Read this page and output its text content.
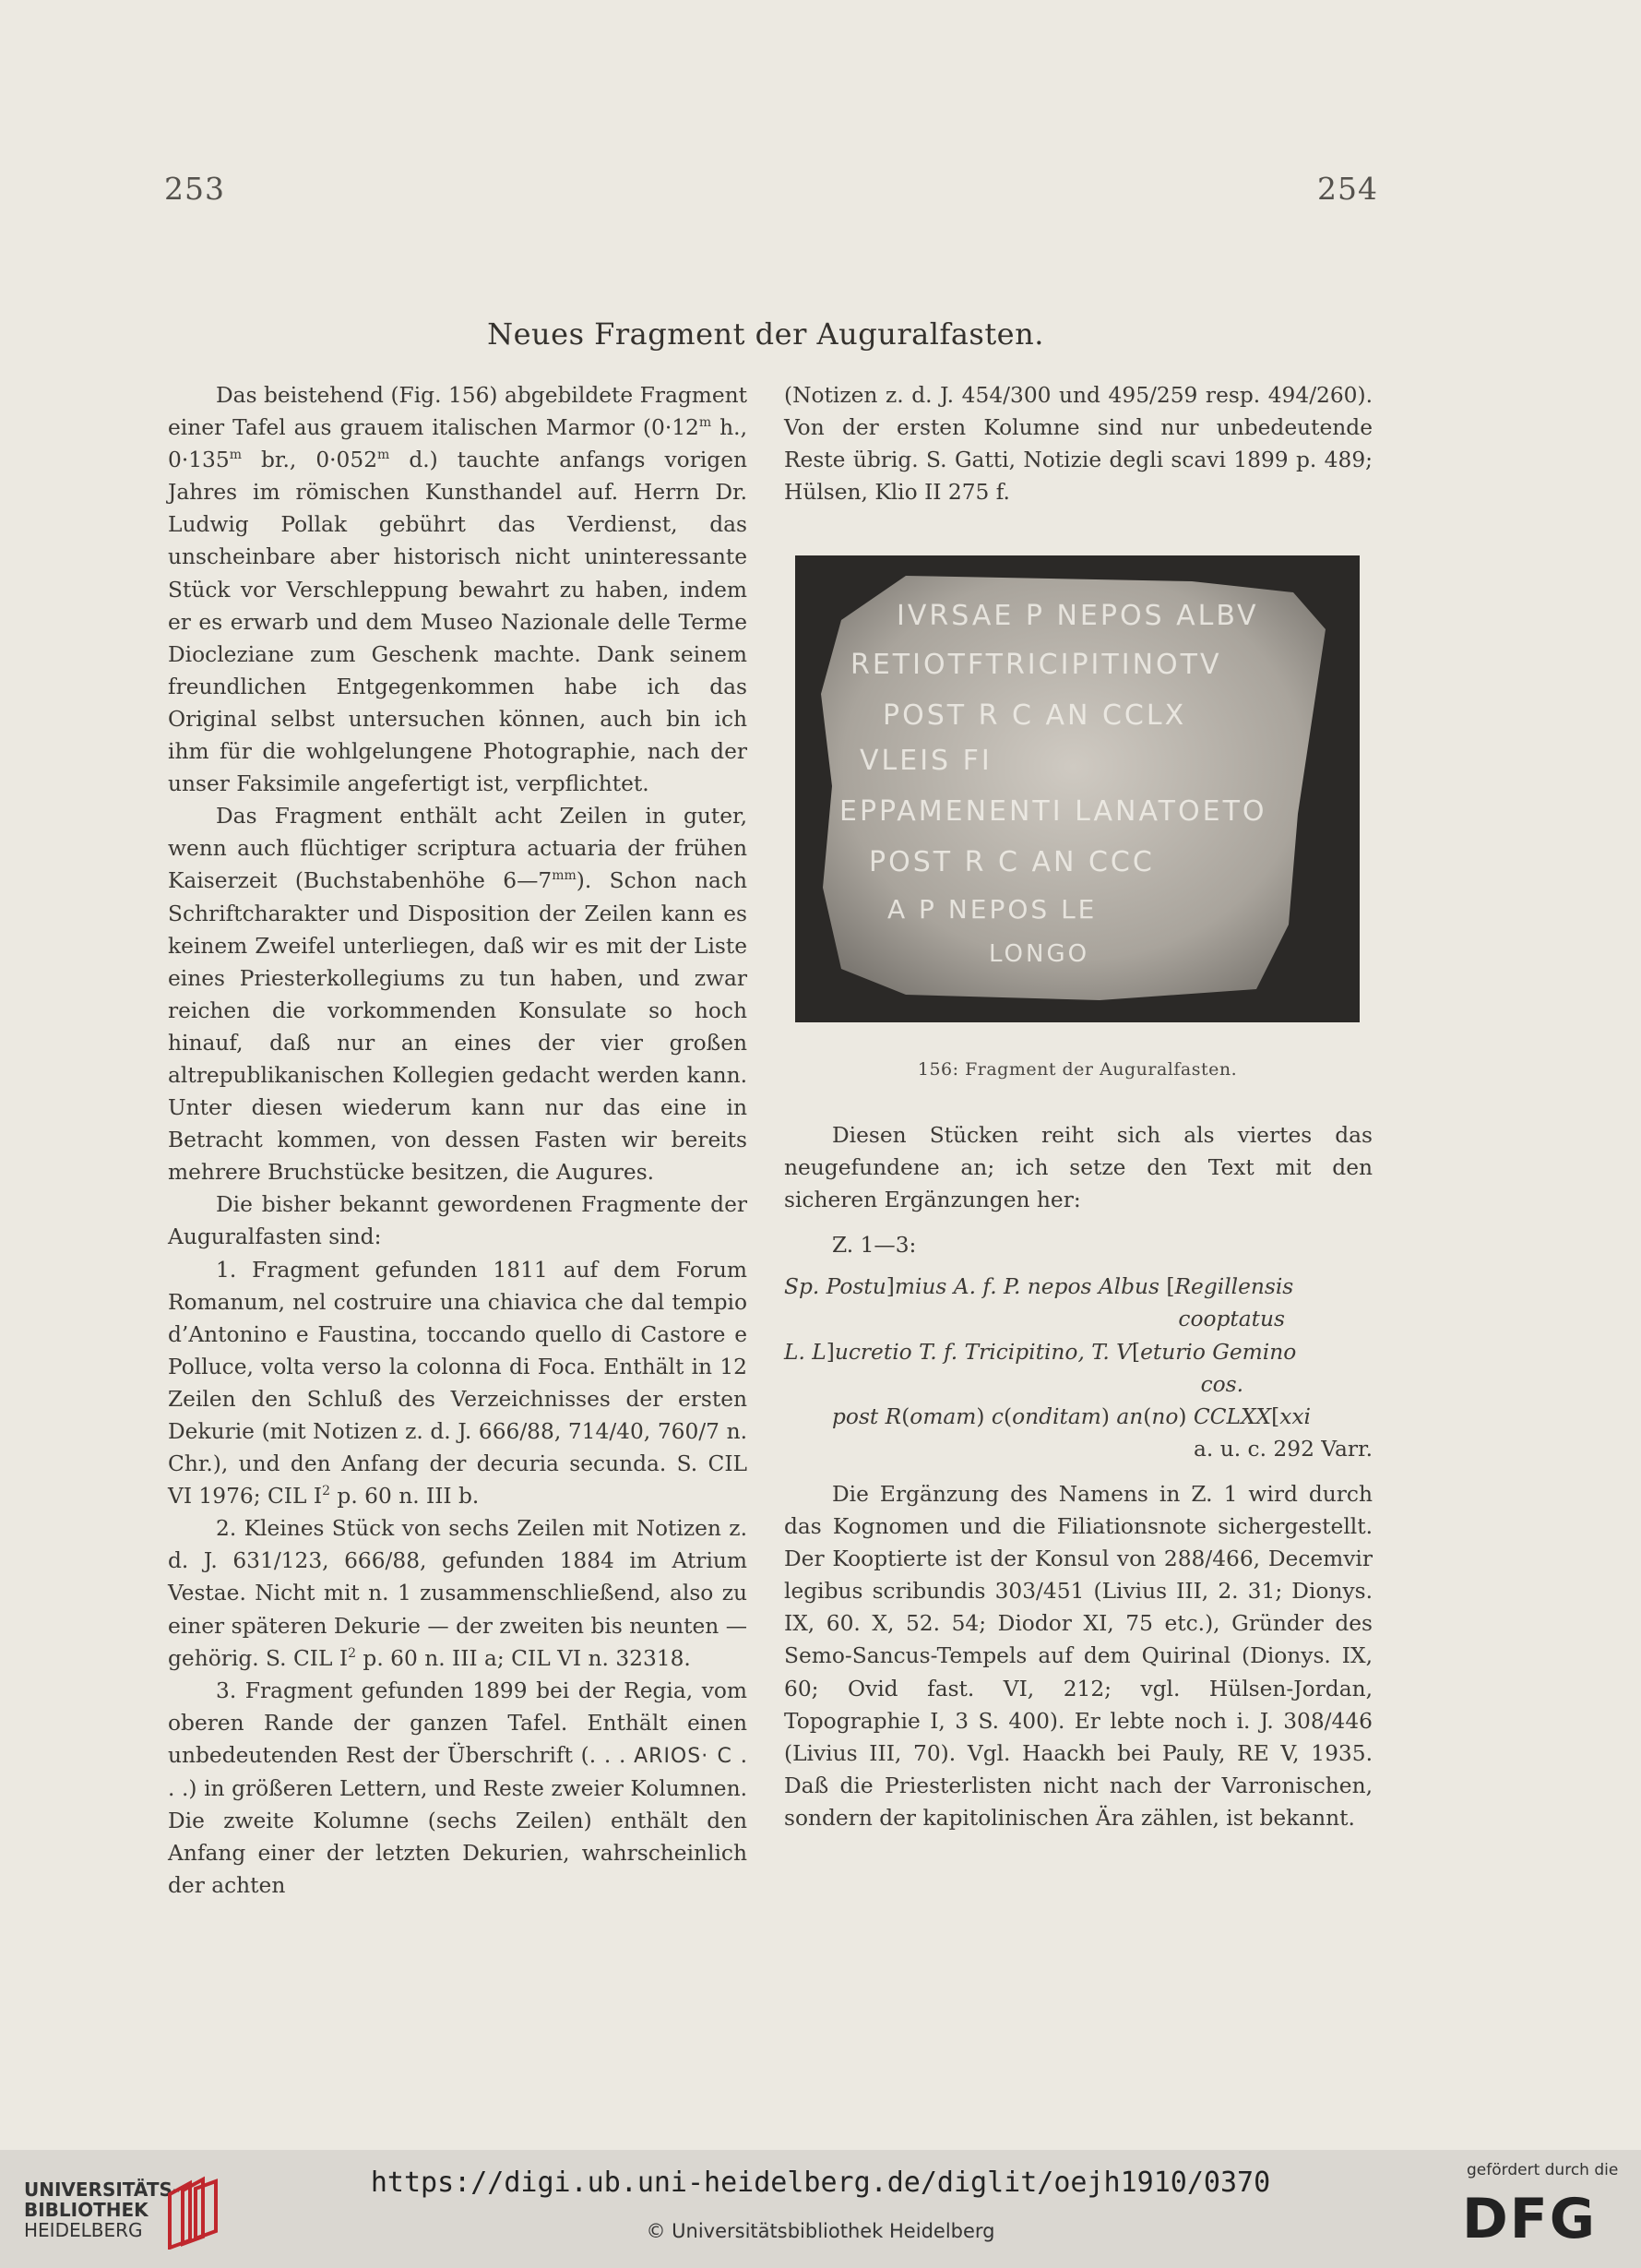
253	254
Neues Fragment der Auguralfasten.

Das beistehend (Fig. 156) abgebildete Fragment einer Tafel aus grauem italischen Marmor ($0\cdot 12^m$ h., $0\cdot 135^m$ br., $0\cdot 052^m$ d.) tauchte anfangs vorigen Jahres im römischen Kunsthandel auf. Herrn Dr. Ludwig Pollak gebührt das Verdienst, das unscheinbare aber historisch nicht uninteressante Stück vor Verschleppung bewahrt zu haben, indem er es erwarb und dem Museo Nazionale delle Terme Diocleziane zum Geschenk machte. Dank seinem freundlichen Entgegenkommen habe ich das Original selbst untersuchen können, auch bin ich ihm für die wohlgelungene Photographie, nach der unser Faksimile angefertigt ist, verpflichtet.

Das Fragment enthält acht Zeilen in guter, wenn auch flüchtiger scriptura actuaria der frühen Kaiserzeit (Buchstabenhöhe $6—7^{mm}$). Schon nach Schriftcharakter und Disposition der Zeilen kann es keinem Zweifel unterliegen, daß wir es mit der Liste eines Priesterkollegiums zu tun haben, und zwar reichen die vorkommenden Konsulate so hoch hinauf, daß nur an eines der vier großen altrepublikanischen Kollegien gedacht werden kann. Unter diesen wiederum kann nur das eine in Betracht kommen, von dessen Fasten wir bereits mehrere Bruchstücke besitzen, die Augures.

Die bisher bekannt gewordenen Fragmente der Auguralfasten sind:

1. Fragment gefunden 1811 auf dem Forum Romanum, nel costruire una chiavica che dal tempio d’Antonino e Faustina, toccando quello di Castore e Polluce, volta verso la colonna di Foca. Enthält in 12 Zeilen den Schluß des Verzeichnisses der ersten Dekurie (mit Notizen z. d. J. 666/88, 714/40, 760/7 n. Chr.), und den Anfang der decuria secunda. S. CIL VI 1976; CIL $I^2$ p. 60 n. III b.

2. Kleines Stück von sechs Zeilen mit Notizen z. d. J. 631/123, 666/88, gefunden 1884 im Atrium Vestae. Nicht mit n. 1 zusammenschließend, also zu einer späteren Dekurie — der zweiten bis neunten — gehörig. S. CIL $I^2$ p. 60 n. III a; CIL VI n. 32318.

3. Fragment gefunden 1899 bei der Regia, vom oberen Rande der ganzen Tafel. Enthält einen unbedeutenden Rest der Überschrift (. . . ARIOS· C . . .) in größeren Lettern, und Reste zweier Kolumnen. Die zweite Kolumne (sechs Zeilen) enthält den Anfang einer der letzten Dekurien, wahrscheinlich der achten

(Notizen z. d. J. 454/300 und 495/259 resp. 494/260). Von der ersten Kolumne sind nur unbedeutende Reste übrig. S. Gatti, Notizie degli scavi 1899 p. 489; Hülsen, Klio II 275 f.

IVRSAE P NEPOS ALBV
RETIOTFTRICIPITINOTV
POST R C AN CCLX
VLEIS FI
EPPAMENENTI LANATOETO
POST R C AN CCC
A P NEPOS LE
LONGO
156: Fragment der Auguralfasten.

Diesen Stücken reiht sich als viertes das neugefundene an; ich setze den Text mit den sicheren Ergänzungen her:

Z. 1—3:
Sp. Postu]mius A. f. P. nepos Albus [Regillensis
cooptatus
L. L]ucretio T. f. Tricipitino, T. V[eturio Gemino
cos.
post R(omam) c(onditam) an(no) CCLXX[xxi
a. u. c. 292 Varr.

Die Ergänzung des Namens in Z. 1 wird durch das Kognomen und die Filiationsnote sichergestellt. Der Kooptierte ist der Konsul von 288/466, Decemvir legibus scribundis 303/451 (Livius III, 2. 31; Dionys. IX, 60. X, 52. 54; Diodor XI, 75 etc.), Gründer des Semo-Sancus-Tempels auf dem Quirinal (Dionys. IX, 60; Ovid fast. VI, 212; vgl. Hülsen-Jordan, Topographie I, 3 S. 400). Er lebte noch i. J. 308/446 (Livius III, 70). Vgl. Haackh bei Pauly, RE V, 1935. Daß die Priesterlisten nicht nach der Varronischen, sondern der kapitolinischen Ära zählen, ist bekannt.

UNIVERSITÄTS-
BIBLIOTHEK
HEIDELBERG
https://digi.ub.uni-heidelberg.de/diglit/oejh1910/0370
© Universitätsbibliothek Heidelberg
gefördert durch die
DFG
